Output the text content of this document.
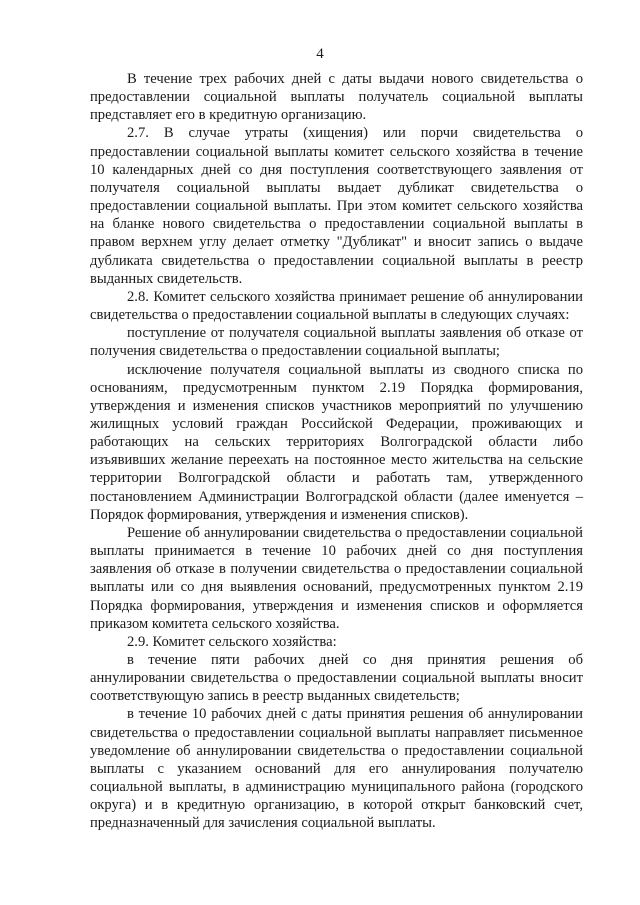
4

В течение трех рабочих дней с даты выдачи нового свидетельства о предоставлении социальной выплаты получатель социальной выплаты представляет его в кредитную организацию.

2.7. В случае утраты (хищения) или порчи свидетельства о предоставлении социальной выплаты комитет сельского хозяйства в течение 10 календарных дней со дня поступления соответствующего заявления от получателя социальной выплаты выдает дубликат свидетельства о предоставлении социальной выплаты. При этом комитет сельского хозяйства на бланке нового свидетельства о предоставлении социальной выплаты в правом верхнем углу делает отметку "Дубликат" и вносит запись о выдаче дубликата свидетельства о предоставлении социальной выплаты в реестр выданных свидетельств.

2.8. Комитет сельского хозяйства принимает решение об аннулировании свидетельства о предоставлении социальной выплаты в следующих случаях:

поступление от получателя социальной выплаты заявления об отказе от получения свидетельства о предоставлении социальной выплаты;

исключение получателя социальной выплаты из сводного списка по основаниям, предусмотренным пунктом 2.19 Порядка формирования, утверждения и изменения списков участников мероприятий по улучшению жилищных условий граждан Российской Федерации, проживающих и работающих на сельских территориях Волгоградской области либо изъявивших желание переехать на постоянное место жительства на сельские территории Волгоградской области и работать там, утвержденного постановлением Администрации Волгоградской области (далее именуется – Порядок формирования, утверждения и изменения списков).

Решение об аннулировании свидетельства о предоставлении социальной выплаты принимается в течение 10 рабочих дней со дня поступления заявления об отказе в получении свидетельства о предоставлении социальной выплаты или со дня выявления оснований, предусмотренных пунктом 2.19 Порядка формирования, утверждения и изменения списков и оформляется приказом комитета сельского хозяйства.

2.9. Комитет сельского хозяйства:

в течение пяти рабочих дней со дня принятия решения об аннулировании свидетельства о предоставлении социальной выплаты вносит соответствующую запись в реестр выданных свидетельств;

в течение 10 рабочих дней с даты принятия решения об аннулировании свидетельства о предоставлении социальной выплаты направляет письменное уведомление об аннулировании свидетельства о предоставлении социальной выплаты с указанием оснований для его аннулирования получателю социальной выплаты, в администрацию муниципального района (городского округа) и в кредитную организацию, в которой открыт банковский счет, предназначенный для зачисления социальной выплаты.
